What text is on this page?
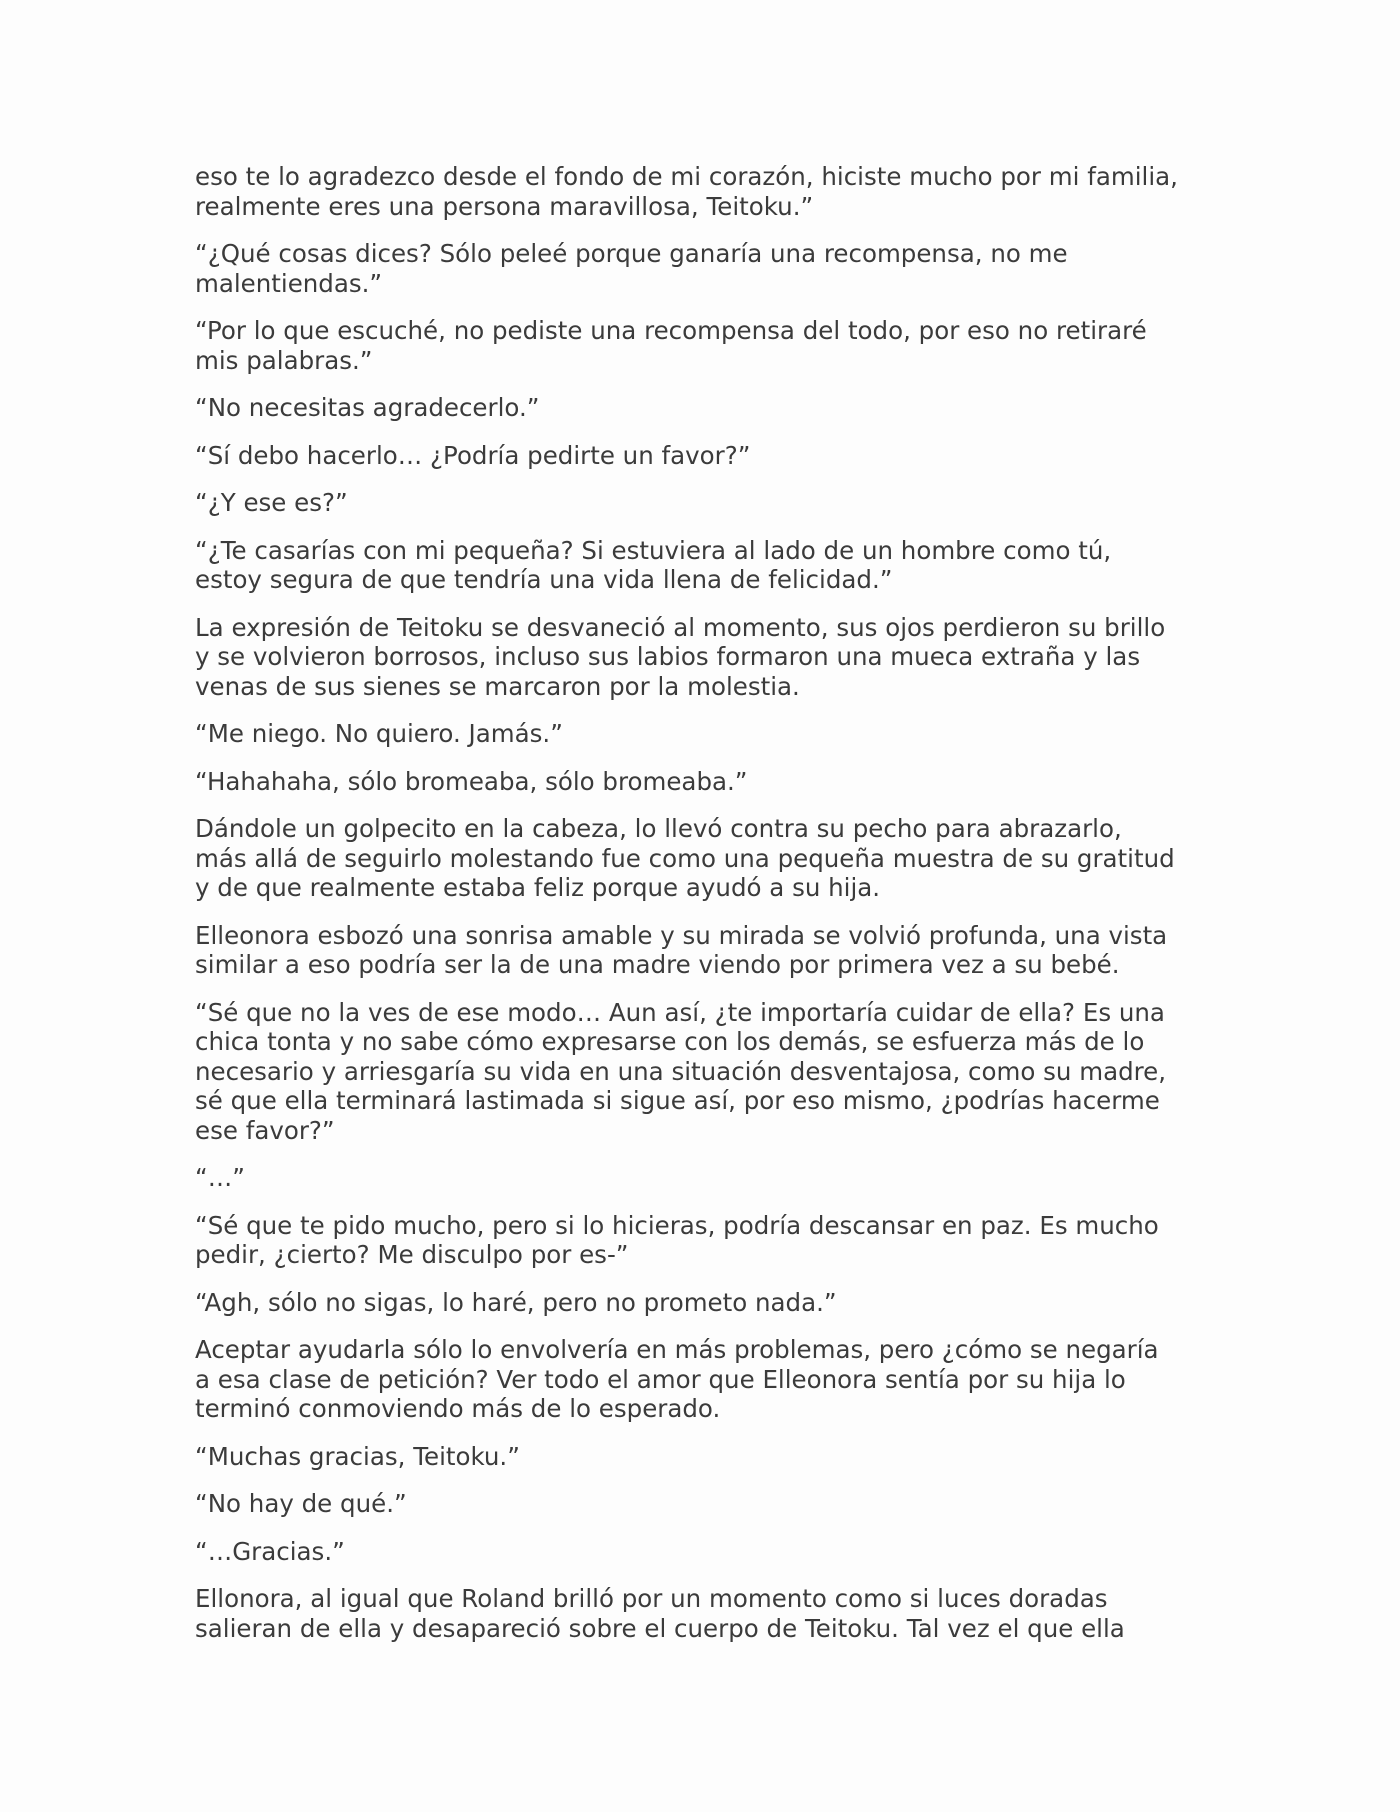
eso te lo agradezco desde el fondo de mi corazón, hiciste mucho por mi familia,
realmente eres una persona maravillosa, Teitoku.”

“¿Qué cosas dices? Sólo peleé porque ganaría una recompensa, no me
malentiendas.”

“Por lo que escuché, no pediste una recompensa del todo, por eso no retiraré
mis palabras.”

“No necesitas agradecerlo.”

“Sí debo hacerlo… ¿Podría pedirte un favor?”

“¿Y ese es?”

“¿Te casarías con mi pequeña? Si estuviera al lado de un hombre como tú,
estoy segura de que tendría una vida llena de felicidad.”

La expresión de Teitoku se desvaneció al momento, sus ojos perdieron su brillo
y se volvieron borrosos, incluso sus labios formaron una mueca extraña y las
venas de sus sienes se marcaron por la molestia.

“Me niego. No quiero. Jamás.”

“Hahahaha, sólo bromeaba, sólo bromeaba.”

Dándole un golpecito en la cabeza, lo llevó contra su pecho para abrazarlo,
más allá de seguirlo molestando fue como una pequeña muestra de su gratitud
y de que realmente estaba feliz porque ayudó a su hija.

Elleonora esbozó una sonrisa amable y su mirada se volvió profunda, una vista
similar a eso podría ser la de una madre viendo por primera vez a su bebé.

“Sé que no la ves de ese modo… Aun así, ¿te importaría cuidar de ella? Es una
chica tonta y no sabe cómo expresarse con los demás, se esfuerza más de lo
necesario y arriesgaría su vida en una situación desventajosa, como su madre,
sé que ella terminará lastimada si sigue así, por eso mismo, ¿podrías hacerme
ese favor?”

“…”

“Sé que te pido mucho, pero si lo hicieras, podría descansar en paz. Es mucho
pedir, ¿cierto? Me disculpo por es-”

“Agh, sólo no sigas, lo haré, pero no prometo nada.”

Aceptar ayudarla sólo lo envolvería en más problemas, pero ¿cómo se negaría
a esa clase de petición? Ver todo el amor que Elleonora sentía por su hija lo
terminó conmoviendo más de lo esperado.

“Muchas gracias, Teitoku.”

“No hay de qué.”

“…Gracias.”

Ellonora, al igual que Roland brilló por un momento como si luces doradas
salieran de ella y desapareció sobre el cuerpo de Teitoku. Tal vez el que ella
